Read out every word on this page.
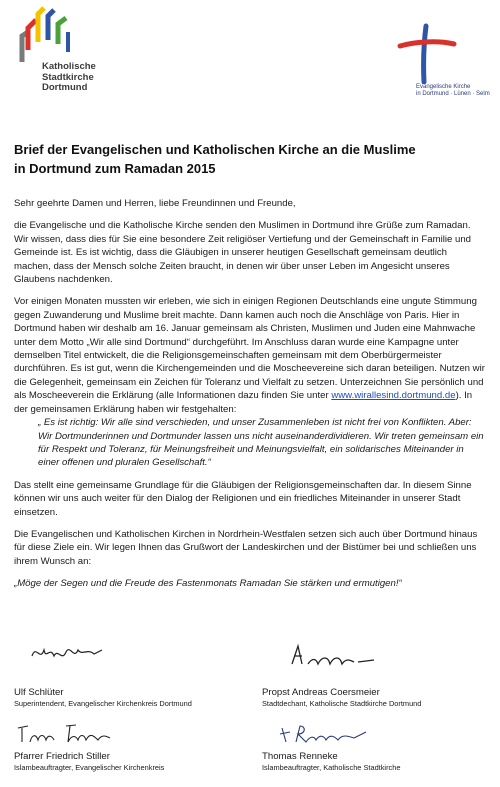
Katholische
Stadtkirche
Dortmund	Evangelische Kirche
in Dortmund · Lünen · Selm
Brief der Evangelischen und Katholischen Kirche an die Muslime
in Dortmund zum Ramadan 2015

Sehr geehrte Damen und Herren, liebe Freundinnen und Freunde,

die Evangelische und die Katholische Kirche senden den Muslimen in Dortmund ihre Grüße zum Ramadan. Wir wissen, dass dies für Sie eine besondere Zeit religiöser Vertiefung und der Gemeinschaft in Familie und Gemeinde ist. Es ist wichtig, dass die Gläubigen in unserer heutigen Gesellschaft gemeinsam deutlich machen, dass der Mensch solche Zeiten braucht, in denen wir über unser Leben im Angesicht unseres Glaubens nachdenken.

Vor einigen Monaten mussten wir erleben, wie sich in einigen Regionen Deutschlands eine ungute Stimmung gegen Zuwanderung und Muslime breit machte. Dann kamen auch noch die Anschläge von Paris. Hier in Dortmund haben wir deshalb am 16. Januar gemeinsam als Christen, Muslimen und Juden eine Mahnwache unter dem Motto „Wir alle sind Dortmund“ durchgeführt. Im Anschluss daran wurde eine Kampagne unter demselben Titel entwickelt, die die Religionsgemeinschaften gemeinsam mit dem Oberbürgermeister durchführen. Es ist gut, wenn die Kirchengemeinden und die Moscheevereine sich daran beteiligen. Nutzen wir die Gelegenheit, gemeinsam ein Zeichen für Toleranz und Vielfalt zu setzen. Unterzeichnen Sie persönlich und als Moscheeverein die Erklärung (alle Informationen dazu finden Sie unter www.wirallesind.dortmund.de). In der gemeinsamen Erklärung haben wir festgehalten:

„ Es ist richtig: Wir alle sind verschieden, und unser Zusammenleben ist nicht frei von Konflikten. Aber: Wir Dortmunderinnen und Dortmunder lassen uns nicht auseinanderdividieren. Wir treten gemeinsam ein für Respekt und Toleranz, für Meinungsfreiheit und Meinungsvielfalt, ein solidarisches Miteinander in einer offenen und pluralen Gesellschaft.“

Das stellt eine gemeinsame Grundlage für die Gläubigen der Religionsgemeinschaften dar. In diesem Sinne können wir uns auch weiter für den Dialog der Religionen und ein friedliches Miteinander in unserer Stadt einsetzen.

Die Evangelischen und Katholischen Kirchen in Nordrhein-Westfalen setzen sich auch über Dortmund hinaus für diese Ziele ein. Wir legen Ihnen das Grußwort der Landeskirchen und der Bistümer bei und schließen uns ihrem Wunsch an:

„Möge der Segen und die Freude des Fastenmonats Ramadan Sie stärken und ermutigen!“

Ulf Schlüter
Superintendent, Evangelischer Kirchenkreis Dortmund
Propst Andreas Coersmeier
Stadtdechant, Katholische Stadtkirche Dortmund
Pfarrer Friedrich Stiller
Islambeauftragter, Evangelischer Kirchenkreis
Thomas Renneke
Islambeauftragter, Katholische Stadtkirche
